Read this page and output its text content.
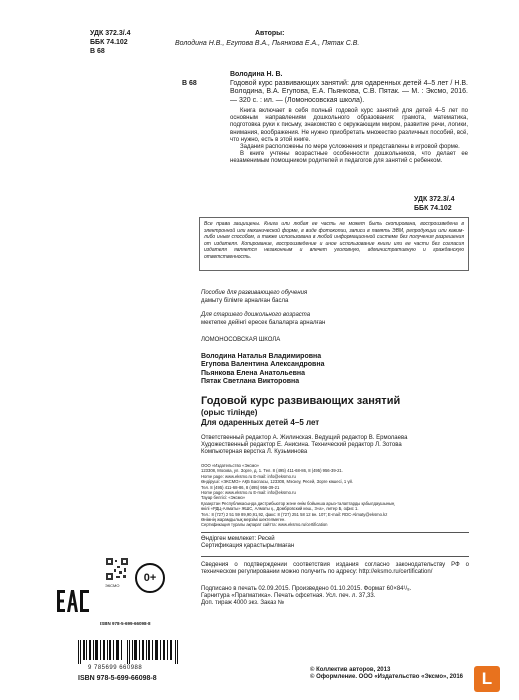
УДК 372.3/.4
ББК 74.102
В 68
Авторы:
Володина Н.В., Егупова В.А., Пьянкова Е.А., Пятак С.В.
Володина Н. В.
В 68	Годовой курс развивающих занятий: для одаренных детей 4–5 лет / Н.В. Володина, В.А. Егупова, Е.А. Пьянкова, С.В. Пятак. — М. : Эксмо, 2016. — 320 с. : ил. — (Ломоносовская школа).
Книга включает в себя полный годовой курс занятий для детей 4–5 лет по основным направлениям дошкольного образования: грамота, математика, подготовка руки к письму, знакомство с окружающим миром, развитие речи, логики, внимания, воображения. Не нужно приобретать множество различных пособий, всё, что нужно, есть в этой книге.
Задания расположены по мере усложнения и представлены в игровой форме.
В книге учтены возрастные особенности дошкольников, что делает ее незаменимым помощником родителей и педагогов для занятий с ребенком.
УДК 372.3/.4
ББК 74.102
Все права защищены. Книга или любая ее часть не может быть скопирована, воспроизведена в электронной или механической форме, в виде фотокопии, записи в память ЭВМ, репродукции или каким-либо иным способом, а также использована в любой информационной системе без получения разрешения от издателя. Копирование, воспроизведение и иное использование книги или ее части без согласия издателя является незаконным и влечет уголовную, административную и гражданскую ответственность.
Пособие для развивающего обучения
дамыту білімге арналған басла
Для старшего дошкольного возраста
мектепке дейінгі ересек балаларға арналған
ЛОМОНОСОВСКАЯ ШКОЛА
Володина Наталья Владимировна
Егупова Валентина Александровна
Пьянкова Елена Анатольевна
Пятак Светлана Викторовна
Годовой курс развивающих занятий
(орыс тілінде)
Для одаренных детей 4–5 лет
Ответственный редактор А. Жилинская. Ведущий редактор В. Ермолаева
Художественный редактор Е. Анисина. Технический редактор Л. Зотова
Компьютерная верстка Л. Кузьминова
ООО «Издательство «Эксмо»
123308, Москва, ул. Зорге, д. 1. Тел. 8 (495) 411-68-86, 8 (495) 956-39-21.
Home page: www.eksmo.ru E-mail: info@eksmo.ru
Өндіруші: «ЭКСМО» АҚБ Баспасы, 123308, Мәскеу, Ресей, Зорге көшесі, 1 үй.
Тел. 8 (495) 411-68-86, 8 (495) 956-39-21
Home page: www.eksmo.ru E-mail: info@eksmo.ru
Тауар белгісі: «Эксмо»
Қазақстан Республикасында дистрибьютор және өнім бойынша арыз-талаптарды қабылдаушының
өкілі «РДЦ-Алматы» ЖШС, Алматы қ., Домбровский көш., 3«а», литер Б, офис 1.
Тел.: 8 (727) 2 51 59 89,90,91,92, факс: 8 (727) 251 58 12 вн. 107; E-mail: RDC-Almaty@eksmo.kz
Өнімнің жарамдылық мерзімі шектелмеген.
Сертификация туралы ақпарат сайтта: www.eksmo.ru/certification
Өндірген мемлекет: Ресей
Сертификация қарастырылмаған
Сведения о подтверждении соответствия издания согласно законодательству РФ о техническом регулировании можно получить по адресу: http://eksmo.ru/certification/
Подписано в печать 02.09.2015. Произведено 01.10.2015. Формат 60×84¹/₈.
Гарнитура «Прагматика». Печать офсетная. Усл. печ. л. 37,33.
Доп. тираж 4000 экз. Заказ №
ЭКСМО
0+
ISBN 978-5-699-66098-8
9 785699 660988
ISBN 978-5-699-66098-8
© Коллектив авторов, 2013
© Оформление. ООО «Издательство «Эксмо», 2016	L
